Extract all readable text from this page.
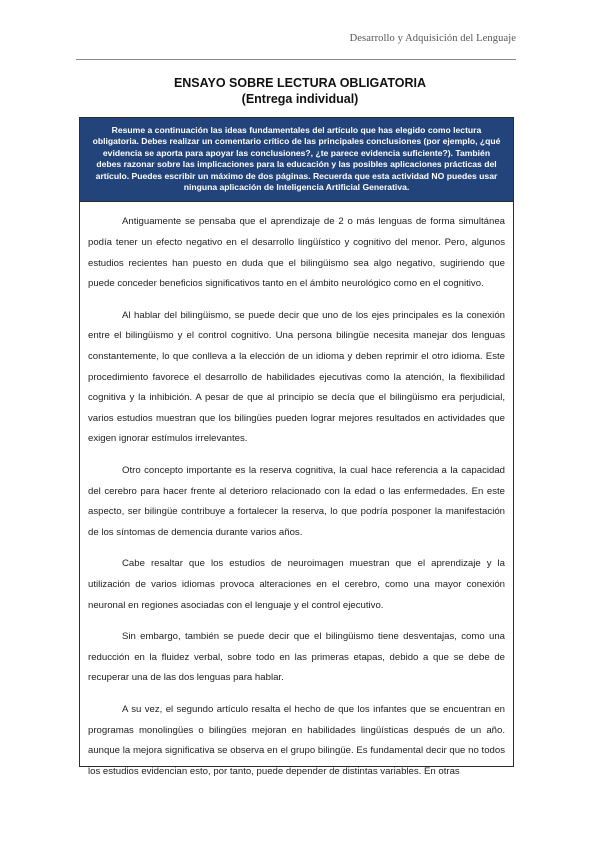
Desarrollo y Adquisición del Lenguaje
ENSAYO SOBRE LECTURA OBLIGATORIA
(Entrega individual)
Resume a continuación las ideas fundamentales del artículo que has elegido como lectura obligatoria. Debes realizar un comentario crítico de las principales conclusiones (por ejemplo, ¿qué evidencia se aporta para apoyar las conclusiones?, ¿te parece evidencia suficiente?). También debes razonar sobre las implicaciones para la educación y las posibles aplicaciones prácticas del artículo. Puedes escribir un máximo de dos páginas. Recuerda que esta actividad NO puedes usar ninguna aplicación de Inteligencia Artificial Generativa.

Antiguamente se pensaba que el aprendizaje de 2 o más lenguas de forma simultánea podía tener un efecto negativo en el desarrollo lingüístico y cognitivo del menor. Pero, algunos estudios recientes han puesto en duda que el bilingüismo sea algo negativo, sugiriendo que puede conceder beneficios significativos tanto en el ámbito neurológico como en el cognitivo.

Al hablar del bilingüismo, se puede decir que uno de los ejes principales es la conexión entre el bilingüismo y el control cognitivo. Una persona bilingüe necesita manejar dos lenguas constantemente, lo que conlleva a la elección de un idioma y deben reprimir el otro idioma. Este procedimiento favorece el desarrollo de habilidades ejecutivas como la atención, la flexibilidad cognitiva y la inhibición. A pesar de que al principio se decía que el bilingüismo era perjudicial, varios estudios muestran que los bilingües pueden lograr mejores resultados en actividades que exigen ignorar estímulos irrelevantes.

Otro concepto importante es la reserva cognitiva, la cual hace referencia a la capacidad del cerebro para hacer frente al deterioro relacionado con la edad o las enfermedades. En este aspecto, ser bilingüe contribuye a fortalecer la reserva, lo que podría posponer la manifestación de los síntomas de demencia durante varios años.

Cabe resaltar que los estudios de neuroimagen muestran que el aprendizaje y la utilización de varios idiomas provoca alteraciones en el cerebro, como una mayor conexión neuronal en regiones asociadas con el lenguaje y el control ejecutivo.

Sin embargo, también se puede decir que el bilingüismo tiene desventajas, como una reducción en la fluidez verbal, sobre todo en las primeras etapas, debido a que se debe de recuperar una de las dos lenguas para hablar.

A su vez, el segundo artículo resalta el hecho de que los infantes que se encuentran en programas monolingües o bilingües mejoran en habilidades lingüísticas después de un año. aunque la mejora significativa se observa en el grupo bilingüe. Es fundamental decir que no todos los estudios evidencian esto, por tanto, puede depender de distintas variables. En otras
